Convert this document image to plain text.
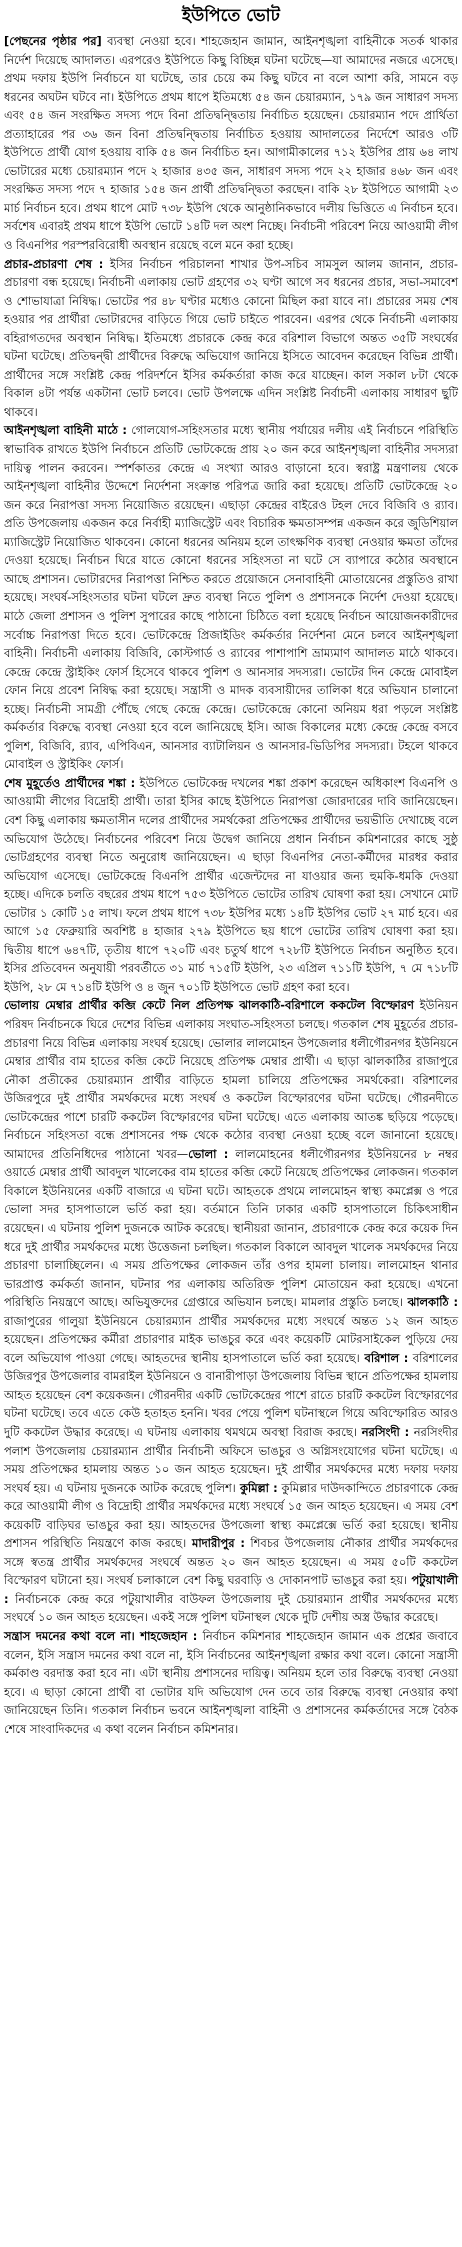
ইউপিতে ভোট

[পেছনের পৃষ্ঠার পর] ব্যবস্থা নেওয়া হবে। শাহজেহান জামান, আইনশৃঙ্খলা বাহিনীকে সতর্ক থাকার নির্দেশ দিয়েছে আদালত। এরপরেও ইউপিতে কিছু বিচ্ছিন্ন ঘটনা ঘটেছে—যা আমাদের নজরে এসেছে। প্রথম দফায় ইউপি নির্বাচনে যা ঘটেছে, তার চেয়ে কম কিছু ঘটবে না বলে আশা করি, সামনে বড় ধরনের অঘটন ঘটবে না। ইউপিতে প্রথম ধাপে ইতিমধ্যে ৫৪ জন চেয়ারম্যান, ১৭৯ জন সাধারণ সদস্য এবং ৫৪ জন সংরক্ষিত সদস্য পদে বিনা প্রতিদ্বন্দ্বিতায় নির্বাচিত হয়েছেন। চেয়ারম্যান পদে প্রার্থিতা প্রত্যাহারের পর ৩৬ জন বিনা প্রতিদ্বন্দ্বিতায় নির্বাচিত হওয়ায় আদালতের নির্দেশে আরও ৩টি ইউপিতে প্রার্থী যোগ হওয়ায় বাকি ৫৪ জন নির্বাচিত হন। আগামীকালের ৭১২ ইউপির প্রায় ৬৪ লাখ ভোটারের মধ্যে চেয়ারম্যান পদে ২ হাজার ৪৩৫ জন, সাধারণ সদস্য পদে ২২ হাজার ৪৬৮ জন এবং সংরক্ষিত সদস্য পদে ৭ হাজার ১৫৪ জন প্রার্থী প্রতিদ্বন্দ্বিতা করছেন। বাকি ২৮ ইউপিতে আগামী ২৩ মার্চ নির্বাচন হবে। প্রথম ধাপে মোট ৭৩৮ ইউপি থেকে আনুষ্ঠানিকভাবে দলীয় ভিত্তিতে এ নির্বাচন হবে। সর্বশেষ এবারই প্রথম ধাপে ইউপি ভোটে ১৪টি দল অংশ নিচ্ছে। নির্বাচনী পরিবেশ নিয়ে আওয়ামী লীগ ও বিএনপির পরস্পরবিরোধী অবস্থান রয়েছে বলে মনে করা হচ্ছে।

প্রচার-প্রচারণা শেষ : ইসির নির্বাচন পরিচালনা শাখার উপ-সচিব সামসুল আলম জানান, প্রচার-প্রচারণা বন্ধ হয়েছে। নির্বাচনী এলাকায় ভোট গ্রহণের ৩২ ঘণ্টা আগে সব ধরনের প্রচার, সভা-সমাবেশ ও শোভাযাত্রা নিষিদ্ধ। ভোটের পর ৪৮ ঘণ্টার মধ্যেও কোনো মিছিল করা যাবে না। প্রচারের সময় শেষ হওয়ার পর প্রার্থীরা ভোটারদের বাড়িতে গিয়ে ভোট চাইতে পারবেন। এরপর থেকে নির্বাচনী এলাকায় বহিরাগতদের অবস্থান নিষিদ্ধ। ইতিমধ্যে প্রচারকে কেন্দ্র করে বরিশাল বিভাগে অন্তত ৩৫টি সংঘর্ষের ঘটনা ঘটেছে। প্রতিদ্বন্দ্বী প্রার্থীদের বিরুদ্ধে অভিযোগ জানিয়ে ইসিতে আবেদন করেছেন বিভিন্ন প্রার্থী। প্রার্থীদের সঙ্গে সংশ্লিষ্ট কেন্দ্র পরিদর্শনে ইসির কর্মকর্তারা কাজ করে যাচ্ছেন। কাল সকাল ৮টা থেকে বিকাল ৪টা পর্যন্ত একটানা ভোট চলবে। ভোট উপলক্ষে এদিন সংশ্লিষ্ট নির্বাচনী এলাকায় সাধারণ ছুটি থাকবে।

আইনশৃঙ্খলা বাহিনী মাঠে : গোলযোগ-সহিংসতার মধ্যে স্থানীয় পর্যায়ের দলীয় এই নির্বাচনে পরিস্থিতি স্বাভাবিক রাখতে ইউপি নির্বাচনে প্রতিটি ভোটকেন্দ্রে প্রায় ২০ জন করে আইনশৃঙ্খলা বাহিনীর সদস্যরা দায়িত্ব পালন করবেন। স্পর্শকাতর কেন্দ্রে এ সংখ্যা আরও বাড়ানো হবে। স্বরাষ্ট্র মন্ত্রণালয় থেকে আইনশৃঙ্খলা বাহিনীর উদ্দেশে নির্দেশনা সংক্রান্ত পরিপত্র জারি করা হয়েছে। প্রতিটি ভোটকেন্দ্রে ২০ জন করে নিরাপত্তা সদস্য নিয়োজিত রয়েছেন। এছাড়া কেন্দ্রের বাইরেও টহল দেবে বিজিবি ও র‍্যাব। প্রতি উপজেলায় একজন করে নির্বাহী ম্যাজিস্ট্রেট এবং বিচারিক ক্ষমতাসম্পন্ন একজন করে জুডিশিয়াল ম্যাজিস্ট্রেট নিয়োজিত থাকবেন। কোনো ধরনের অনিয়ম হলে তাৎক্ষণিক ব্যবস্থা নেওয়ার ক্ষমতা তাঁদের দেওয়া হয়েছে। নির্বাচন ঘিরে যাতে কোনো ধরনের সহিংসতা না ঘটে সে ব্যাপারে কঠোর অবস্থানে আছে প্রশাসন। ভোটারদের নিরাপত্তা নিশ্চিত করতে প্রয়োজনে সেনাবাহিনী মোতায়েনের প্রস্তুতিও রাখা হয়েছে। সংঘর্ষ-সহিংসতার ঘটনা ঘটলে দ্রুত ব্যবস্থা নিতে পুলিশ ও প্রশাসনকে নির্দেশ দেওয়া হয়েছে। মাঠে জেলা প্রশাসন ও পুলিশ সুপারের কাছে পাঠানো চিঠিতে বলা হয়েছে নির্বাচন আয়োজনকারীদের সর্বোচ্চ নিরাপত্তা দিতে হবে। ভোটকেন্দ্রে প্রিজাইডিং কর্মকর্তার নির্দেশনা মেনে চলবে আইনশৃঙ্খলা বাহিনী। নির্বাচনী এলাকায় বিজিবি, কোস্টগার্ড ও র‍্যাবের পাশাপাশি ভ্রাম্যমাণ আদালত মাঠে থাকবে। কেন্দ্রে কেন্দ্রে স্ট্রাইকিং ফোর্স হিসেবে থাকবে পুলিশ ও আনসার সদস্যরা। ভোটের দিন কেন্দ্রে মোবাইল ফোন নিয়ে প্রবেশ নিষিদ্ধ করা হয়েছে। সন্ত্রাসী ও মাদক ব্যবসায়ীদের তালিকা ধরে অভিযান চালানো হচ্ছে। নির্বাচনী সামগ্রী পৌঁছে গেছে কেন্দ্রে কেন্দ্রে। ভোটকেন্দ্রে কোনো অনিয়ম ধরা পড়লে সংশ্লিষ্ট কর্মকর্তার বিরুদ্ধে ব্যবস্থা নেওয়া হবে বলে জানিয়েছে ইসি। আজ বিকালের মধ্যে কেন্দ্রে কেন্দ্রে বসবে পুলিশ, বিজিবি, র‍্যাব, এপিবিএন, আনসার ব্যাটালিয়ন ও আনসার-ভিডিপির সদস্যরা। টহলে থাকবে মোবাইল ও স্ট্রাইকিং ফোর্স।

শেষ মুহূর্তেও প্রার্থীদের শঙ্কা : ইউপিতে ভোটকেন্দ্র দখলের শঙ্কা প্রকাশ করেছেন অধিকাংশ বিএনপি ও আওয়ামী লীগের বিদ্রোহী প্রার্থী। তারা ইসির কাছে ইউপিতে নিরাপত্তা জোরদারের দাবি জানিয়েছেন। বেশ কিছু এলাকায় ক্ষমতাসীন দলের প্রার্থীদের সমর্থকেরা প্রতিপক্ষের প্রার্থীদের ভয়ভীতি দেখাচ্ছে বলে অভিযোগ উঠেছে। নির্বাচনের পরিবেশ নিয়ে উদ্বেগ জানিয়ে প্রধান নির্বাচন কমিশনারের কাছে সুষ্ঠু ভোটগ্রহণের ব্যবস্থা নিতে অনুরোধ জানিয়েছেন। এ ছাড়া বিএনপির নেতা-কর্মীদের মারধর করার অভিযোগ এসেছে। ভোটকেন্দ্রে বিএনপি প্রার্থীর এজেন্টদের না যাওয়ার জন্য হুমকি-ধমকি দেওয়া হচ্ছে। এদিকে চলতি বছরের প্রথম ধাপে ৭৫৩ ইউপিতে ভোটের তারিখ ঘোষণা করা হয়। সেখানে মোট ভোটার ১ কোটি ১৫ লাখ। ফলে প্রথম ধাপে ৭৩৮ ইউপির মধ্যে ১৪টি ইউপির ভোট ২৭ মার্চ হবে। এর আগে ১৫ ফেব্রুয়ারি অবশিষ্ট ৪ হাজার ২৭৯ ইউপিতে ছয় ধাপে ভোটের তারিখ ঘোষণা করা হয়। দ্বিতীয় ধাপে ৬৪৭টি, তৃতীয় ধাপে ৭২০টি এবং চতুর্থ ধাপে ৭২৮টি ইউপিতে নির্বাচন অনুষ্ঠিত হবে। ইসির প্রতিবেদন অনুযায়ী পরবর্তীতে ৩১ মার্চ ৭১৫টি ইউপি, ২৩ এপ্রিল ৭১১টি ইউপি, ৭ মে ৭১৮টি ইউপি, ২৮ মে ৭১৪টি ইউপি ও ৪ জুন ৭০১টি ইউপিতে ভোট গ্রহণ করা হবে।

ভোলায় মেম্বার প্রার্থীর কব্জি কেটে নিল প্রতিপক্ষ ঝালকাঠি-বরিশালে ককটেল বিস্ফোরণ ইউনিয়ন পরিষদ নির্বাচনকে ঘিরে দেশের বিভিন্ন এলাকায় সংঘাত-সহিংসতা চলছে। গতকাল শেষ মুহূর্তের প্রচার-প্রচারণা নিয়ে বিভিন্ন এলাকায় সংঘর্ষ হয়েছে। ভোলার লালমোহন উপজেলার ধলীগৌরনগর ইউনিয়নে মেম্বার প্রার্থীর বাম হাতের কব্জি কেটে নিয়েছে প্রতিপক্ষ মেম্বার প্রার্থী। এ ছাড়া ঝালকাঠির রাজাপুরে নৌকা প্রতীকের চেয়ারম্যান প্রার্থীর বাড়িতে হামলা চালিয়ে প্রতিপক্ষের সমর্থকেরা। বরিশালের উজিরপুরে দুই প্রার্থীর সমর্থকদের মধ্যে সংঘর্ষ ও ককটেল বিস্ফোরণের ঘটনা ঘটেছে। গৌরনদীতে ভোটকেন্দ্রের পাশে চারটি ককটেল বিস্ফোরণের ঘটনা ঘটেছে। এতে এলাকায় আতঙ্ক ছড়িয়ে পড়েছে। নির্বাচনে সহিংসতা বন্ধে প্রশাসনের পক্ষ থেকে কঠোর ব্যবস্থা নেওয়া হচ্ছে বলে জানানো হয়েছে। আমাদের প্রতিনিধিদের পাঠানো খবর—ভোলা : লালমোহনের ধলীগৌরনগর ইউনিয়নের ৮ নম্বর ওয়ার্ডে মেম্বার প্রার্থী আবদুল খালেকের বাম হাতের কব্জি কেটে নিয়েছে প্রতিপক্ষের লোকজন। গতকাল বিকালে ইউনিয়নের একটি বাজারে এ ঘটনা ঘটে। আহতকে প্রথমে লালমোহন স্বাস্থ্য কমপ্লেক্স ও পরে ভোলা সদর হাসপাতালে ভর্তি করা হয়। বর্তমানে তিনি ঢাকার একটি হাসপাতালে চিকিৎসাধীন রয়েছেন। এ ঘটনায় পুলিশ দুজনকে আটক করেছে। স্থানীয়রা জানান, প্রচারণাকে কেন্দ্র করে কয়েক দিন ধরে দুই প্রার্থীর সমর্থকদের মধ্যে উত্তেজনা চলছিল। গতকাল বিকালে আবদুল খালেক সমর্থকদের নিয়ে প্রচারণা চালাচ্ছিলেন। এ সময় প্রতিপক্ষের লোকজন তাঁর ওপর হামলা চালায়। লালমোহন থানার ভারপ্রাপ্ত কর্মকর্তা জানান, ঘটনার পর এলাকায় অতিরিক্ত পুলিশ মোতায়েন করা হয়েছে। এখনো পরিস্থিতি নিয়ন্ত্রণে আছে। অভিযুক্তদের গ্রেপ্তারে অভিযান চলছে। মামলার প্রস্তুতি চলছে। ঝালকাঠি : রাজাপুরের গালুয়া ইউনিয়নে চেয়ারম্যান প্রার্থীর সমর্থকদের মধ্যে সংঘর্ষে অন্তত ১২ জন আহত হয়েছেন। প্রতিপক্ষের কর্মীরা প্রচারণার মাইক ভাঙচুর করে এবং কয়েকটি মোটরসাইকেল পুড়িয়ে দেয় বলে অভিযোগ পাওয়া গেছে। আহতদের স্থানীয় হাসপাতালে ভর্তি করা হয়েছে। বরিশাল : বরিশালের উজিরপুর উপজেলার বামরাইল ইউনিয়নে ও বানারীপাড়া উপজেলায় বিভিন্ন স্থানে প্রতিপক্ষের হামলায় আহত হয়েছেন বেশ কয়েকজন। গৌরনদীর একটি ভোটকেন্দ্রের পাশে রাতে চারটি ককটেল বিস্ফোরণের ঘটনা ঘটেছে। তবে এতে কেউ হতাহত হননি। খবর পেয়ে পুলিশ ঘটনাস্থলে গিয়ে অবিস্ফোরিত আরও দুটি ককটেল উদ্ধার করেছে। এ ঘটনায় এলাকায় থমথমে অবস্থা বিরাজ করছে। নরসিংদী : নরসিংদীর পলাশ উপজেলায় চেয়ারম্যান প্রার্থীর নির্বাচনী অফিসে ভাঙচুর ও অগ্নিসংযোগের ঘটনা ঘটেছে। এ সময় প্রতিপক্ষের হামলায় অন্তত ১০ জন আহত হয়েছেন। দুই প্রার্থীর সমর্থকদের মধ্যে দফায় দফায় সংঘর্ষ হয়। এ ঘটনায় দুজনকে আটক করেছে পুলিশ। কুমিল্লা : কুমিল্লার দাউদকান্দিতে প্রচারণাকে কেন্দ্র করে আওয়ামী লীগ ও বিদ্রোহী প্রার্থীর সমর্থকদের মধ্যে সংঘর্ষে ১৫ জন আহত হয়েছেন। এ সময় বেশ কয়েকটি বাড়িঘর ভাঙচুর করা হয়। আহতদের উপজেলা স্বাস্থ্য কমপ্লেক্সে ভর্তি করা হয়েছে। স্থানীয় প্রশাসন পরিস্থিতি নিয়ন্ত্রণে কাজ করছে। মাদারীপুর : শিবচর উপজেলায় নৌকার প্রার্থীর সমর্থকদের সঙ্গে স্বতন্ত্র প্রার্থীর সমর্থকদের সংঘর্ষে অন্তত ২০ জন আহত হয়েছেন। এ সময় ৫০টি ককটেল বিস্ফোরণ ঘটানো হয়। সংঘর্ষ চলাকালে বেশ কিছু ঘরবাড়ি ও দোকানপাট ভাঙচুর করা হয়। পটুয়াখালী : নির্বাচনকে কেন্দ্র করে পটুয়াখালীর বাউফল উপজেলায় দুই চেয়ারম্যান প্রার্থীর সমর্থকদের মধ্যে সংঘর্ষে ১০ জন আহত হয়েছেন। একই সঙ্গে পুলিশ ঘটনাস্থল থেকে দুটি দেশীয় অস্ত্র উদ্ধার করেছে।

সন্ত্রাস দমনের কথা বলে না। শাহজেহান : নির্বাচন কমিশনার শাহজেহান জামান এক প্রশ্নের জবাবে বলেন, ইসি সন্ত্রাস দমনের কথা বলে না, ইসি নির্বাচনের আইনশৃঙ্খলা রক্ষার কথা বলে। কোনো সন্ত্রাসী কর্মকাণ্ড বরদাস্ত করা হবে না। এটা স্থানীয় প্রশাসনের দায়িত্ব। অনিয়ম হলে তার বিরুদ্ধে ব্যবস্থা নেওয়া হবে। এ ছাড়া কোনো প্রার্থী বা ভোটার যদি অভিযোগ দেন তবে তার বিরুদ্ধে ব্যবস্থা নেওয়ার কথা জানিয়েছেন তিনি। গতকাল নির্বাচন ভবনে আইনশৃঙ্খলা বাহিনী ও প্রশাসনের কর্মকর্তাদের সঙ্গে বৈঠক শেষে সাংবাদিকদের এ কথা বলেন নির্বাচন কমিশনার।
